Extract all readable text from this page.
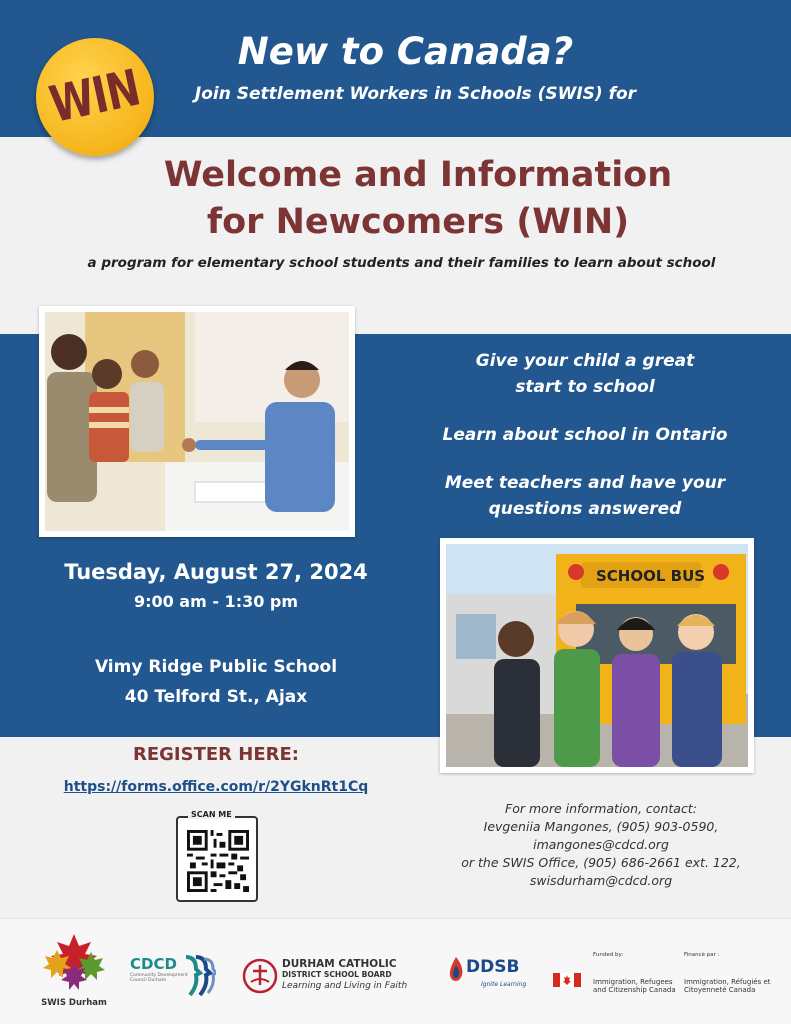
WIN
New to Canada?
Join Settlement Workers in Schools (SWIS) for
Welcome and Information
for Newcomers (WIN)
a program for elementary school students and their families to learn about school
Give your child a great start to school
Learn about school in Ontario
Meet teachers and have your questions answered
Tuesday, August 27, 2024
9:00 am - 1:30 pm
Vimy Ridge Public School
40 Telford St., Ajax
SCHOOL BUS
REGISTER HERE:
https://forms.office.com/r/2YGknRt1Cq
SCAN ME	For more information, contact:
Ievgeniia Mangones, (905) 903-0590,
imangones@cdcd.org
or the SWIS Office, (905) 686-2661 ext. 122,
swisdurham@cdcd.org
SWIS Durham
CDCD
Community Development
Council Durham
DURHAM CATHOLIC
DISTRICT SCHOOL BOARD
Learning and Living in Faith
DDSB
Ignite Learning
Funded by:	Financé par :
Immigration, Refugees and Citizenship Canada
Immigration, Réfugiés et Citoyenneté Canada
